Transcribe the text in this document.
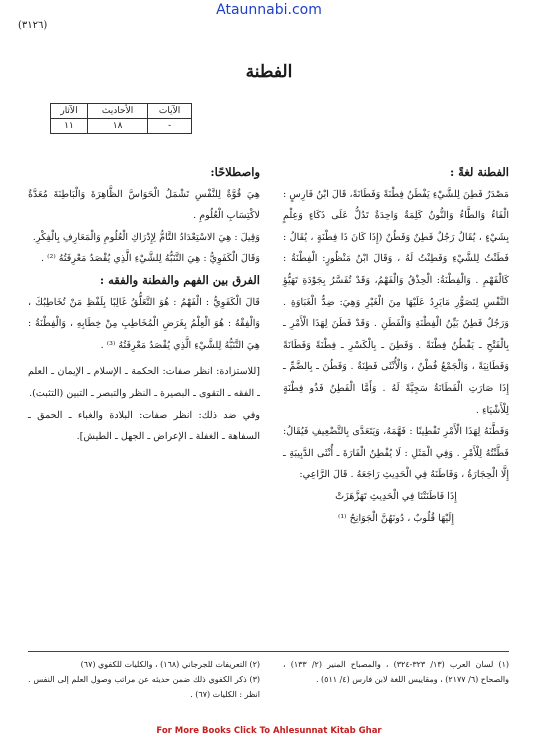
Ataunnabi.com
(٣١٢٦)
الفطنة
الآيات	الأحاديث	الآثار
-	١٨	١١

الفطنة لغةً :

مَصْدَرُ فَطِنَ لِلشَّيْءِ يَفْطَنُ فِطْنَةً وَفَطَانَةً، قَالَ ابْنُ فَارِسٍ : الْفَاءُ وَالطَّاءُ وَالنُّونُ كَلِمَةٌ وَاحِدَةٌ تَدُلُّ عَلَى ذَكَاءٍ وَعِلْمٍ بِشَيْءٍ ، يُقَالُ رَجُلٌ فَطِنٌ وَفَطُنٌ (إِذَا كَانَ ذَا فِطْنَةٍ ، يُقَالُ : فَطَنْتُ لِلشَّيْءِ وَفَطِنْتُ لَهُ ، وَقَالَ ابْنُ مَنْظُورٍ: الْفِطْنَةُ : كَالْفَهْمِ . وَالْفِطْنَةُ: الْحِذْقُ وَالْفَهْمُ، وَقَدْ تُفَسَّرُ بِجَوْدَةِ تَهَيُّؤِ النَّفْسِ لِتَصَوُّرِ مَايَرِدُ عَلَيْهَا مِنَ الْغَيْرِ وَهِيَ: ضِدُّ الْغَبَاوَةِ . وَرَجُلٌ فَطِنٌ بَيِّنُ الْفِطْنَةِ وَالْفَطَنِ . وَقَدْ فَطَنَ لِهَذَا الْأَمْرِ ـ بِالْفَتْحِ ـ يَفْطُنُ فِطْنَةً . وَفَطِنَ ـ بِالْكَسْرِ ـ فِطْنَةً وَفَطَانَةً وَفَطَانِيَةً ، وَالْجَمْعُ فُطْنٌ ، وَالْأُنْثَى فَطِنَةٌ . وَفَطُنَ ـ بِالضَّمِّ ـ إِذَا صَارَتِ الْفَطَانَةُ سَجِيَّةً لَهُ . وَأَمَّا الْفَطِنُ فَذُو فِطْنَةٍ لِلْأَشْيَاءِ .

وَفَطَّنَهُ لِهَذَا الْأَمْرِ تَفْطِينًا : فَهَّمَهُ، وَيَتَعَدَّى بِالتَّضْعِيفِ فَيُقَالُ: فَطَّنْتُهُ لِلْأَمْرِ . وَفِي الْمَثَلِ : لَا يُفْطِنُ الْفَارَةَ ـ أُنْثَى الدَّبِيبَةِ ـ إِلَّا الْحِجَارَةُ ، وَفَاطَنَهُ فِي الْحَدِيثِ رَاجَعَهُ . قَالَ الرَّاعِي:

إِذَا فَاطَنَتْنَا فِي الْحَدِيثِ تَهَزَّهَزَتْ

إِلَيْهَا قُلُوبٌ ، دُونَهُنَّ الْجَوَانِحُ ⁽¹⁾

واصطلاحًا:

هِيَ قُوَّةٌ لِلنَّفْسِ تَشْمَلُ الْحَوَاسَّ الظَّاهِرَةَ وَالْبَاطِنَةَ مُعَدَّةٌ لاكْتِسَابِ الْعُلُومِ .

وَقِيلَ : هِيَ الاسْتِعْدَادُ التَّامُّ لِإِدْرَاكِ الْعُلُومِ وَالْمَعَارِفِ بِالْفِكْرِ.

وَقَالَ الْكَفَوِيُّ : هِيَ التَّنَبُّهُ لِلشَّيْءِ الَّذِي يُقْصَدُ مَعْرِفَتُهُ ⁽²⁾ .

الفرق بين الفهم والفطنة والفقه :

قَالَ الْكَفَوِيُّ : الْفَهْمُ : هُوَ التَّعَلُّقُ غَالِبًا بِلَفْظِ مَنْ تُخَاطِبُكَ ، وَالْفِقْهُ : هُوَ الْعِلْمُ بِغَرَضِ الْمُخَاطِبِ مِنْ خِطَابِهِ ، وَالْفِطْنَةُ : هِيَ التَّنَبُّهُ لِلشَّيْءِ الَّذِي يُقْصَدُ مَعْرِفَتُهُ ⁽³⁾ .

[للاستزادة: انظر صفات: الحكمة ـ الإسلام ـ الإيمان ـ العلم ـ الفقه ـ التقوى ـ البصيرة ـ النظر والتبصر ـ التبين (التثبت).

وفي ضد ذلك: انظر صفات: البلادة والغباء ـ الحمق ـ السفاهة ـ الغفلة ـ الإعراض ـ الجهل ـ الطيش].

(١) لسان العرب (١٣/ ٣٢٣-٣٢٤) ، والمصباح المنير (٢/ ١٣٣) ، والصحاح (٦/ ٢١٧٧) ، ومقاييس اللغة لابن فارس (٤/ ٥١١) .

(٢) التعريفات للجرجاني (١٦٨) ، والكليات للكفوي (٦٧)

(٣) ذكر الكفوي ذلك ضمن حديثه عن مراتب وصول العلم إلى النفس . انظر : الكليات (٦٧) .

For More Books Click To Ahlesunnat Kitab Ghar
